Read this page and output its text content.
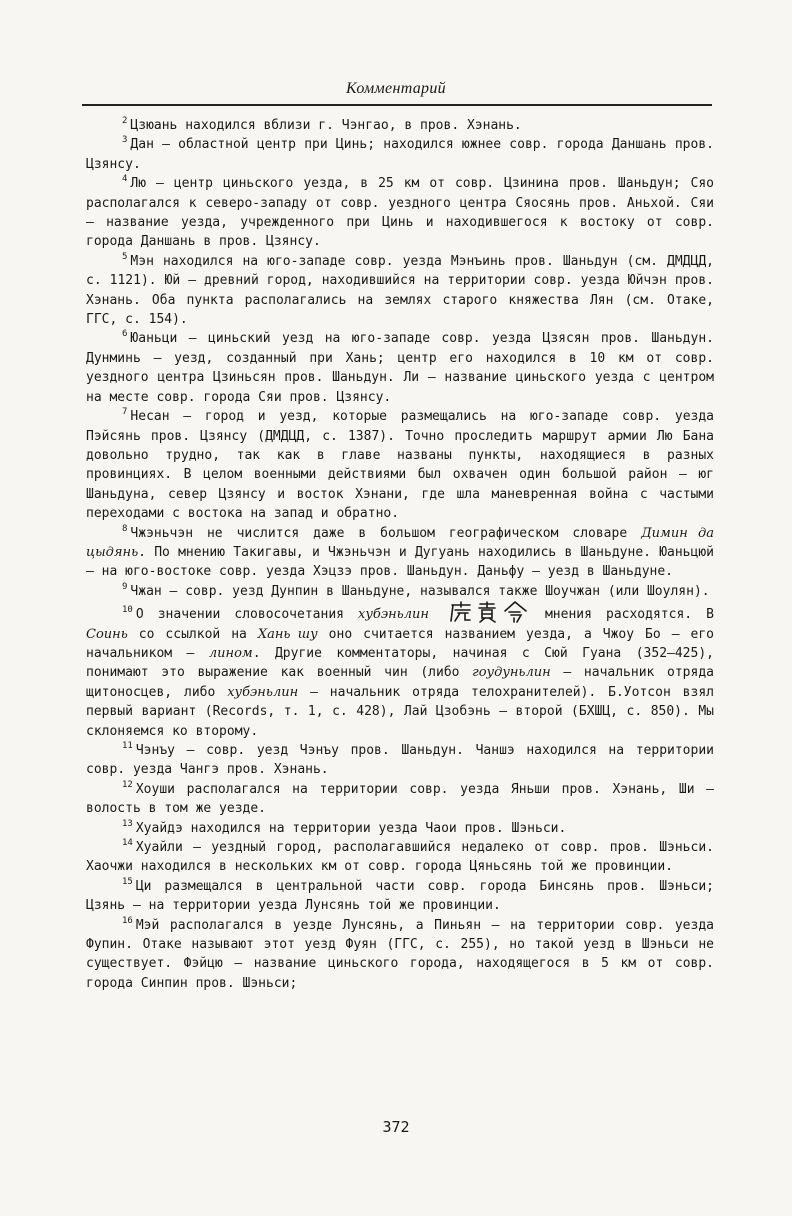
Комментарий

$^2$ Цзюань находился вблизи г. Чэнгао, в пров. Хэнань.

$^3$ Дан — областной центр при Цинь; находился южнее совр. города Даншань пров. Цзянсу.

$^4$ Лю — центр циньского уезда, в 25 км от совр. Цзинина пров. Шаньдун; Сяо располагался к северо-западу от совр. уездного центра Сяосянь пров. Аньхой. Сяи — название уезда, учрежденного при Цинь и находившегося к востоку от совр. города Даншань в пров. Цзянсу.

$^5$ Мэн находился на юго-западе совр. уезда Мэнъинь пров. Шаньдун (см. ДМДЦД, с. 1121). Юй — древний город, находившийся на территории совр. уезда Юйчэн пров. Хэнань. Оба пункта располагались на землях старого княжества Лян (см. Отаке, ГГС, с. 154).

$^6$ Юаньци — циньский уезд на юго-западе совр. уезда Цзясян пров. Шаньдун. Дунминь — уезд, созданный при Хань; центр его находился в 10 км от совр. уездного центра Цзиньсян пров. Шаньдун. Ли — название циньского уезда с центром на месте совр. города Сяи пров. Цзянсу.

$^7$ Несан — город и уезд, которые размещались на юго-западе совр. уезда Пэйсянь пров. Цзянсу (ДМДЦД, с. 1387). Точно проследить маршрут армии Лю Бана довольно трудно, так как в главе названы пункты, находящиеся в разных провинциях. В целом военными действиями был охвачен один большой район — юг Шаньдуна, север Цзянсу и восток Хэнани, где шла маневренная война с частыми переходами с востока на запад и обратно.

$^8$ Чжэньчэн не числится даже в большом географическом словаре Димин да цыдянь. По мнению Такигавы, и Чжэньчэн и Дугуань находились в Шаньдуне. Юаньцюй — на юго-востоке совр. уезда Хэцзэ пров. Шаньдун. Даньфу — уезд в Шаньдуне.

$^9$ Чжан — совр. уезд Дунпин в Шаньдуне, назывался также Шоучжан (или Шоулян).

$^{10}$ О значении словосочетания хубэньлин	мнения расходятся. В Соинь со ссылкой на Хань шу оно считается названием уезда, а Чжоу Бо — его начальником — лином. Другие комментаторы, начиная с Сюй Гуана (352—425), понимают это выражение как военный чин (либо гоудуньлин — начальник отряда щитоносцев, либо хубэньлин — начальник отряда телохранителей). Б.Уотсон взял первый вариант (Records, т. 1, с. 428), Лай Цзобэнь — второй (БХШЦ, с. 850). Мы склоняемся ко второму.

$^{11}$ Чэнъу — совр. уезд Чэнъу пров. Шаньдун. Чаншэ находился на территории совр. уезда Чангэ пров. Хэнань.

$^{12}$ Хоуши располагался на территории совр. уезда Яньши пров. Хэнань, Ши — волость в том же уезде.

$^{13}$ Хуайдэ находился на территории уезда Чаои пров. Шэньси.

$^{14}$ Хуайли — уездный город, располагавшийся недалеко от совр. пров. Шэньси. Хаочжи находился в нескольких км от совр. города Цяньсянь той же провинции.

$^{15}$ Ци размещался в центральной части совр. города Бинсянь пров. Шэньси; Цзянь — на территории уезда Лунсянь той же провинции.

$^{16}$ Мэй располагался в уезде Лунсянь, а Пиньян — на территории совр. уезда Фупин. Отаке называют этот уезд Фуян (ГГС, с. 255), но такой уезд в Шэньси не существует. Фэйцю — название циньского города, находящегося в 5 км от совр. города Синпин пров. Шэньси;

372
